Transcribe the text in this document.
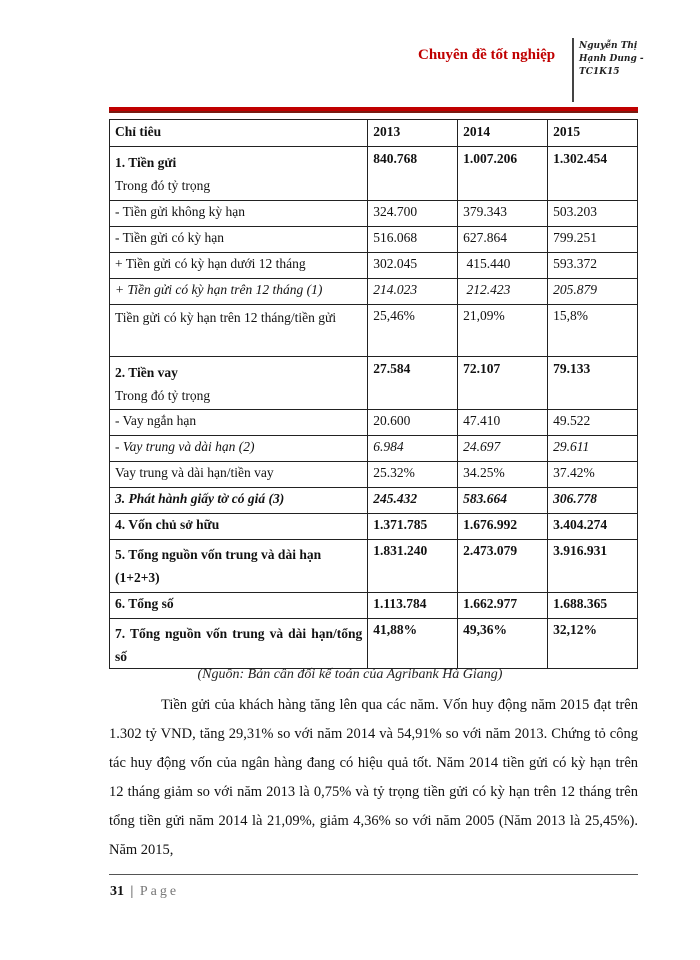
Chuyên đề tốt nghiệp
Nguyễn Thị Hạnh Dung -TC1K15
Chỉ tiêu	2013	2014	2015

1. Tiền gửi
Trong đó tỷ trọng	840.768	1.007.206	1.302.454
- Tiền gửi không kỳ hạn	324.700	379.343	503.203
- Tiền gửi có kỳ hạn	516.068	627.864	799.251
+ Tiền gửi có kỳ hạn dưới 12 tháng	302.045	415.440	593.372
+ Tiền gửi có kỳ hạn trên 12 tháng (1)	214.023	212.423	205.879
Tiền gửi có kỳ hạn trên 12 tháng/tiền gửi	25,46%	21,09%	15,8%

2. Tiền vay
Trong đó tỷ trọng	27.584	72.107	79.133
- Vay ngắn hạn	20.600	47.410	49.522
- Vay trung và dài hạn (2)	6.984	24.697	29.611
Vay trung và dài hạn/tiền vay	25.32%	34.25%	37.42%
3. Phát hành giấy tờ có giá (3)	245.432	583.664	306.778
4. Vốn chủ sở hữu	1.371.785	1.676.992	3.404.274
5. Tổng nguồn vốn trung và dài hạn (1+2+3)	1.831.240	2.473.079	3.916.931
6. Tổng số	1.113.784	1.662.977	1.688.365
7. Tổng nguồn vốn trung và dài hạn/tổng số	41,88%	49,36%	32,12%
(Nguồn: Bản cân đối kế toán của Agribank Hà Giang)

Tiền gửi của khách hàng tăng lên qua các năm. Vốn huy động năm 2015 đạt trên 1.302 tỷ VND, tăng 29,31% so với năm 2014 và 54,91% so với năm 2013. Chứng tỏ công tác huy động vốn của ngân hàng đang có hiệu quả tốt. Năm 2014 tiền gửi có kỳ hạn trên 12 tháng giảm so với năm 2013 là 0,75% và tỷ trọng tiền gửi có kỳ hạn trên 12 tháng trên tổng tiền gửi năm 2014 là 21,09%, giảm 4,36% so với năm 2005 (Năm 2013 là 25,45%). Năm 2015,

31 | Page
